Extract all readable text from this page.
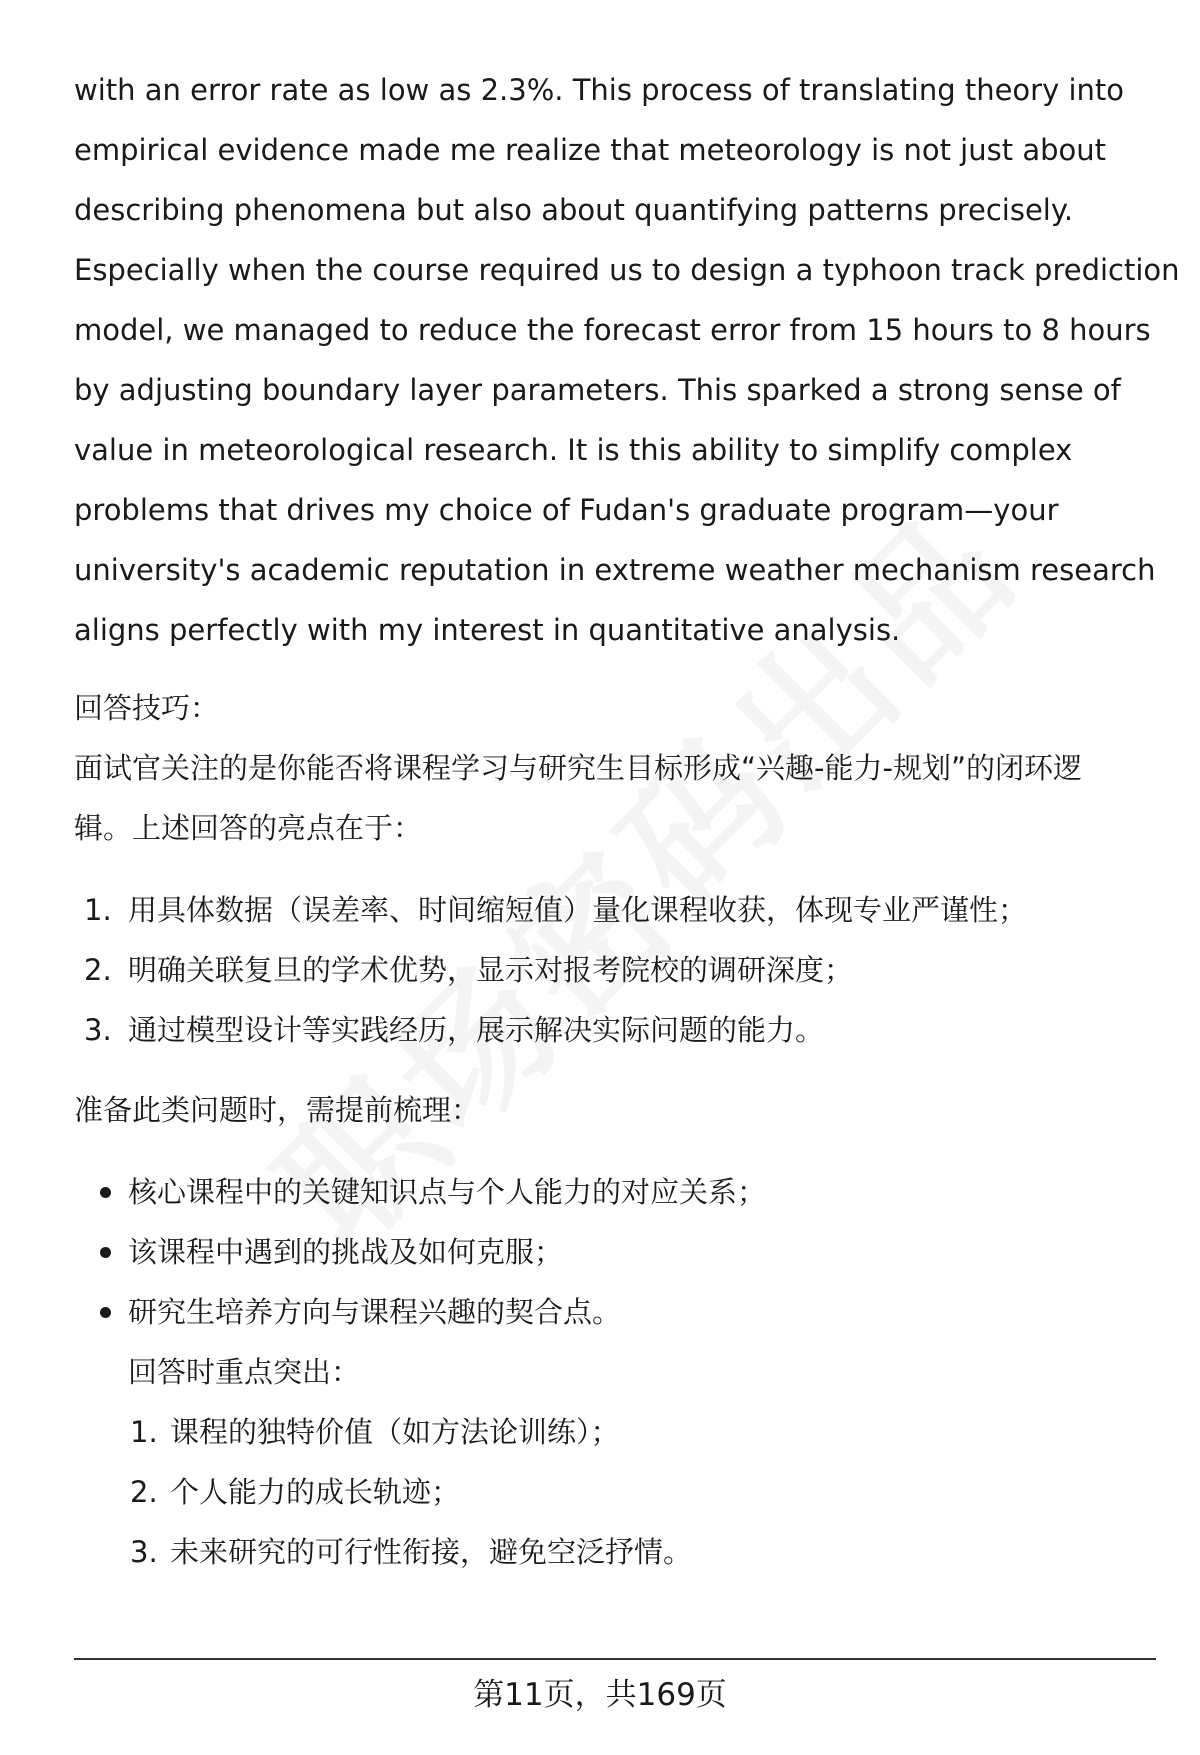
with an error rate as low as 2.3%. This process of translating theory into
empirical evidence made me realize that meteorology is not just about
describing phenomena but also about quantifying patterns precisely.
Especially when the course required us to design a typhoon track prediction
model, we managed to reduce the forecast error from 15 hours to 8 hours
by adjusting boundary layer parameters. This sparked a strong sense of
value in meteorological research. It is this ability to simplify complex
problems that drives my choice of Fudan's graduate program—your
university's academic reputation in extreme weather mechanism research
aligns perfectly with my interest in quantitative analysis.

回答技巧：
面试官关注的是你能否将课程学习与研究生目标形成“兴趣-能力-规划”的闭环逻
辑。上述回答的亮点在于：
1. 用具体数据（误差率、时间缩短值）量化课程收获，体现专业严谨性；
2. 明确关联复旦的学术优势，显示对报考院校的调研深度；
3. 通过模型设计等实践经历，展示解决实际问题的能力。
准备此类问题时，需提前梳理：
核心课程中的关键知识点与个人能力的对应关系；
该课程中遇到的挑战及如何克服；
研究生培养方向与课程兴趣的契合点。
回答时重点突出：
1. 课程的独特价值（如方法论训练）；
2. 个人能力的成长轨迹；
3. 未来研究的可行性衔接，避免空泛抒情。
第11页，共169页
